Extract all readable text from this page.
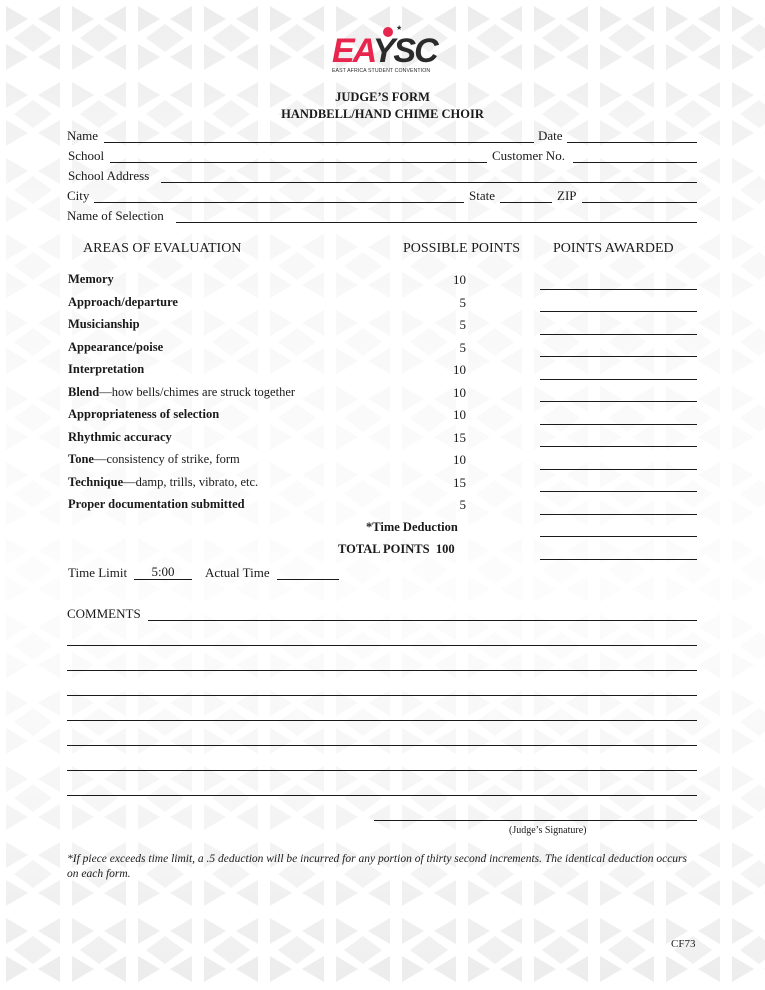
★
EAYSC
EAST AFRICA STUDENT CONVENTION
JUDGE’S FORM
HANDBELL/HAND CHIME CHOIR
Name	Date
School	Customer No.
School Address
City	State	ZIP
Name of Selection
AREAS OF EVALUATION	POSSIBLE POINTS POINTS AWARDED
Memory	10
Approach/departure	5
Musicianship	5
Appearance/poise	5
Interpretation	10
Blend—how bells/chimes are struck together	10
Appropriateness of selection	10
Rhythmic accuracy	15
Tone—consistency of strike, form	10
Technique—damp, trills, vibrato, etc.	15
Proper documentation submitted	5
*Time Deduction
TOTAL POINTS 100
Time Limit	5:00	Actual Time
COMMENTS
(Judge’s Signature)
*If piece exceeds time limit, a .5 deduction will be incurred for any portion of thirty second increments. The identical deduction occurs on each form.
CF73
